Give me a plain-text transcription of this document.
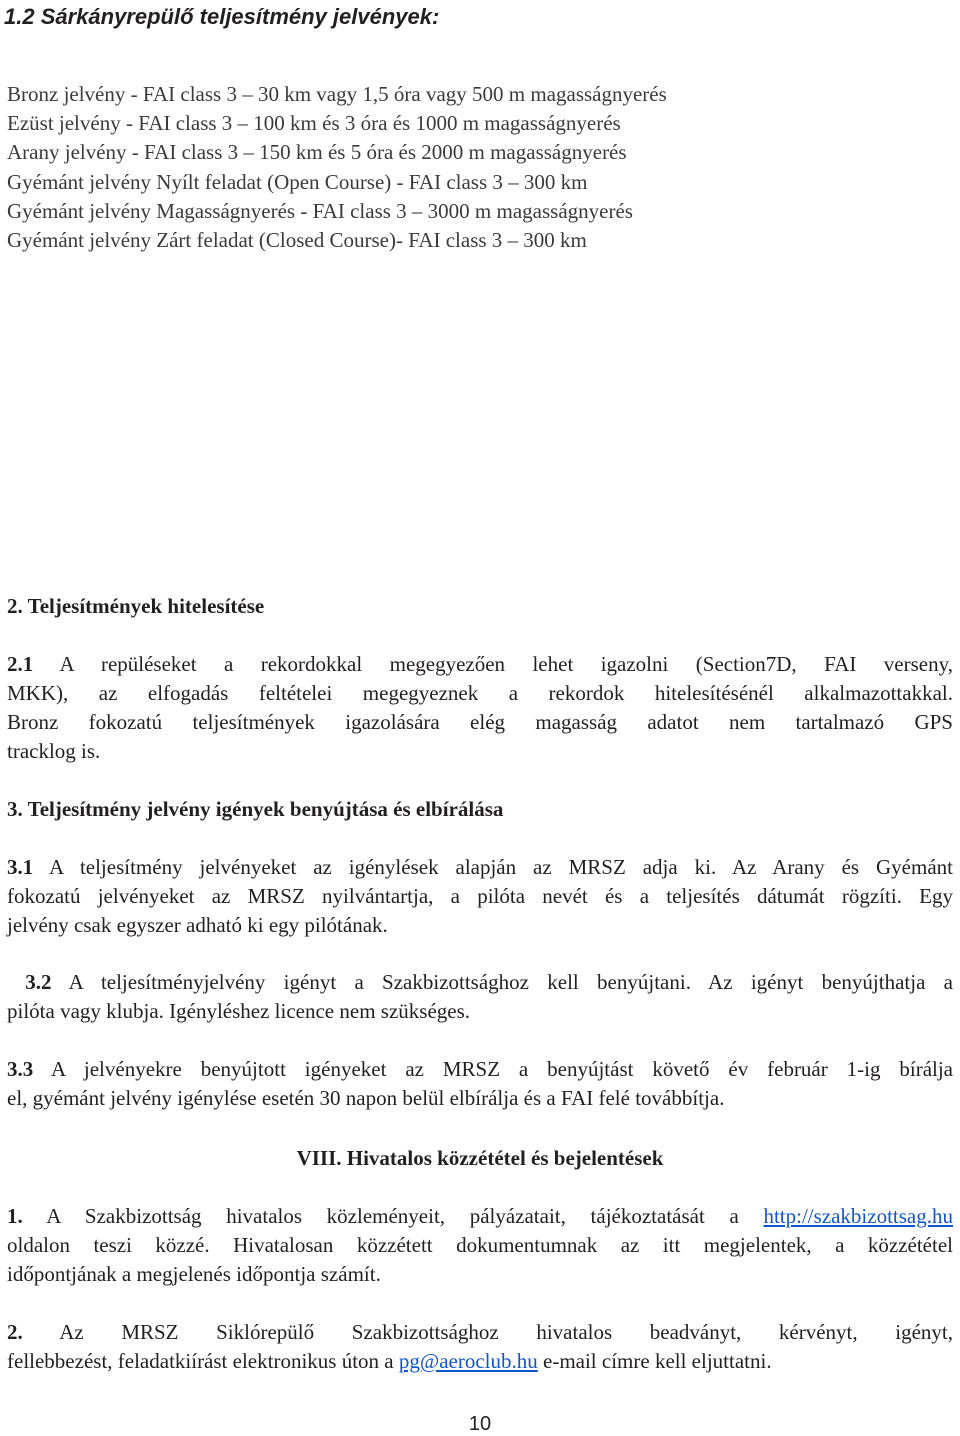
1.2 Sárkányrepülő teljesítmény jelvények:
Bronz jelvény - FAI class 3 – 30 km vagy 1,5 óra vagy 500 m magasságnyerés
Ezüst jelvény - FAI class 3 – 100 km és 3 óra és 1000 m magasságnyerés
Arany jelvény - FAI class 3 – 150 km és 5 óra és 2000 m magasságnyerés
Gyémánt jelvény Nyílt feladat (Open Course) - FAI class 3 – 300 km
Gyémánt jelvény Magasságnyerés - FAI class 3 – 3000 m magasságnyerés
Gyémánt jelvény Zárt feladat (Closed Course)- FAI class 3 – 300 km
2. Teljesítmények hitelesítése
2.1 A repüléseket a rekordokkal megegyezően lehet igazolni (Section7D, FAI verseny,
MKK), az elfogadás feltételei megegyeznek a rekordok hitelesítésénél alkalmazottakkal.
Bronz fokozatú teljesítmények igazolására elég magasság adatot nem tartalmazó GPS
tracklog is.
3. Teljesítmény jelvény igények benyújtása és elbírálása
3.1 A teljesítmény jelvényeket az igénylések alapján az MRSZ adja ki. Az Arany és Gyémánt
fokozatú jelvényeket az MRSZ nyilvántartja, a pilóta nevét és a teljesítés dátumát rögzíti. Egy
jelvény csak egyszer adható ki egy pilótának.
3.2 A teljesítményjelvény igényt a Szakbizottsághoz kell benyújtani. Az igényt benyújthatja a
pilóta vagy klubja. Igényléshez licence nem szükséges.
3.3 A jelvényekre benyújtott igényeket az MRSZ a benyújtást követő év február 1-ig bírálja
el, gyémánt jelvény igénylése esetén 30 napon belül elbírálja és a FAI felé továbbítja.
VIII. Hivatalos közzététel és bejelentések
1. A Szakbizottság hivatalos közleményeit, pályázatait, tájékoztatását a http://szakbizottsag.hu
oldalon teszi közzé. Hivatalosan közzétett dokumentumnak az itt megjelentek, a közzététel
időpontjának a megjelenés időpontja számít.
2. Az MRSZ Siklórepülő Szakbizottsághoz hivatalos beadványt, kérvényt, igényt,
fellebbezést, feladatkiírást elektronikus úton a pg@aeroclub.hu e-mail címre kell eljuttatni.
10
